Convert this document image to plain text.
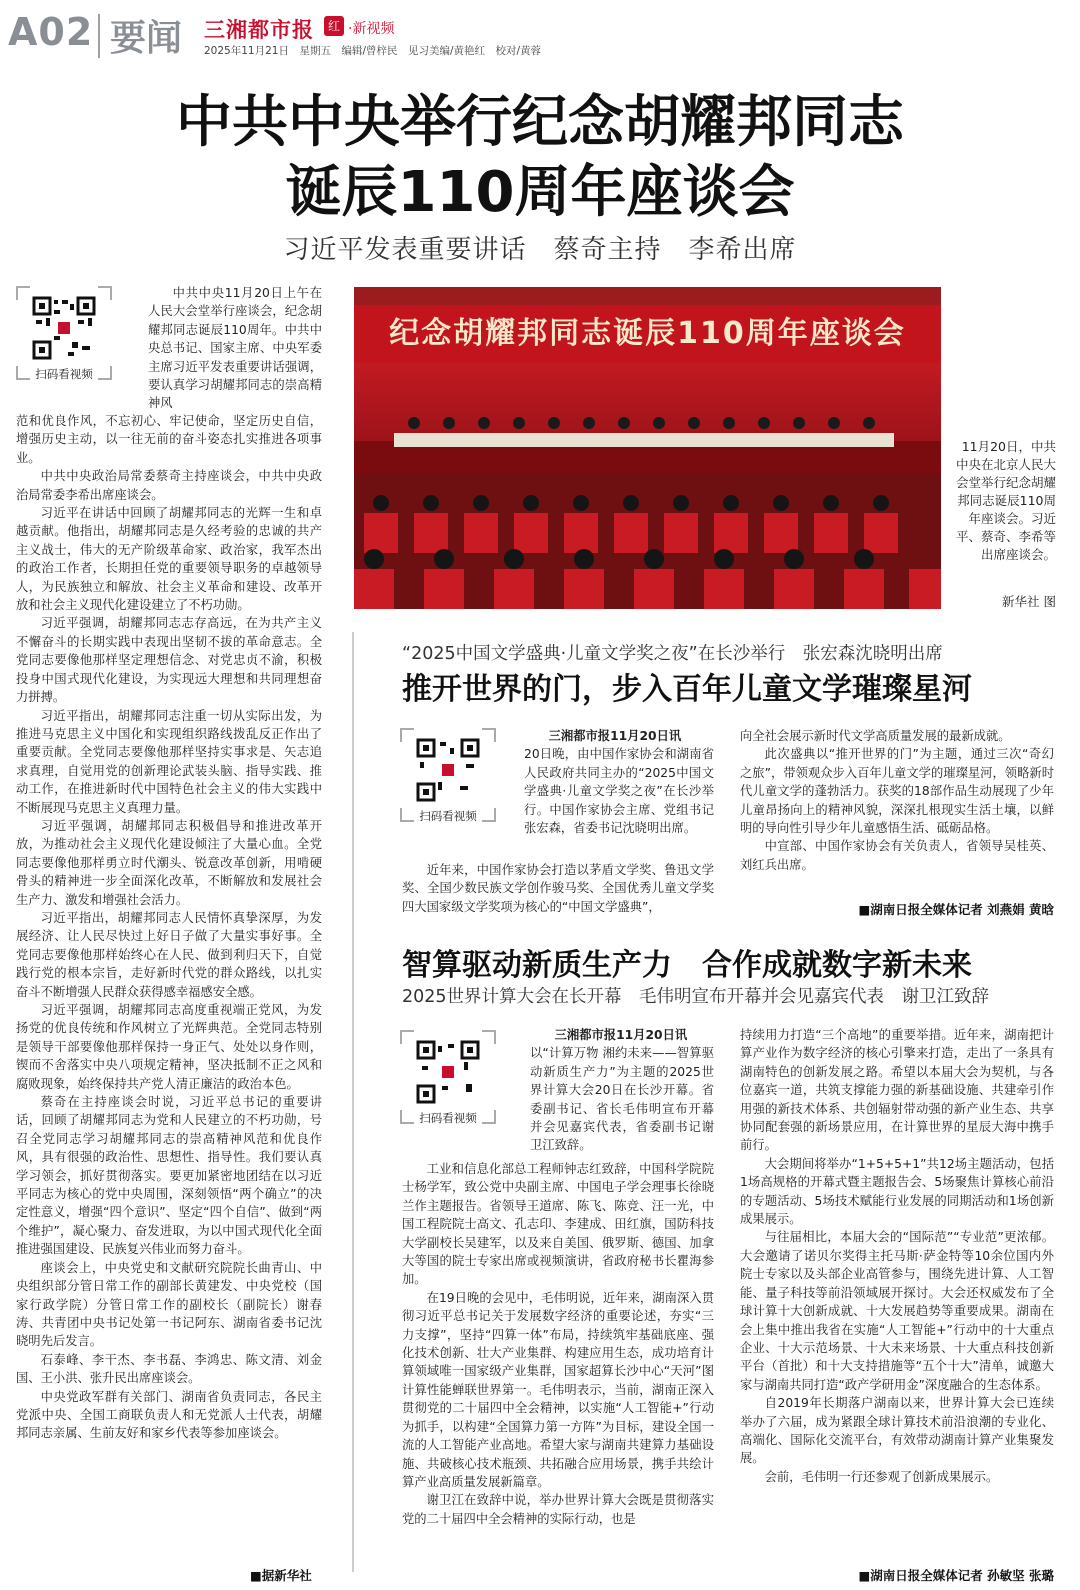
A02 要闻 三湘都市报	红 ·新视频
2025年11月21日　星期五　编辑/曾梓民　见习美编/黄艳红　校对/黄蓉
中共中央举行纪念胡耀邦同志
诞辰110周年座谈会
习近平发表重要讲话　蔡奇主持　李希出席
扫码看视频

中共中央11月20日上午在人民大会堂举行座谈会，纪念胡耀邦同志诞辰110周年。中共中央总书记、国家主席、中央军委主席习近平发表重要讲话强调，要认真学习胡耀邦同志的崇高精神风

范和优良作风，不忘初心、牢记使命，坚定历史自信，增强历史主动，以一往无前的奋斗姿态扎实推进各项事业。

中共中央政治局常委蔡奇主持座谈会，中共中央政治局常委李希出席座谈会。

习近平在讲话中回顾了胡耀邦同志的光辉一生和卓越贡献。他指出，胡耀邦同志是久经考验的忠诚的共产主义战士，伟大的无产阶级革命家、政治家，我军杰出的政治工作者，长期担任党的重要领导职务的卓越领导人，为民族独立和解放、社会主义革命和建设、改革开放和社会主义现代化建设建立了不朽功勋。

习近平强调，胡耀邦同志志存高远，在为共产主义不懈奋斗的长期实践中表现出坚韧不拔的革命意志。全党同志要像他那样坚定理想信念、对党忠贞不渝，积极投身中国式现代化建设，为实现远大理想和共同理想奋力拼搏。

习近平指出，胡耀邦同志注重一切从实际出发，为推进马克思主义中国化和实现组织路线拨乱反正作出了重要贡献。全党同志要像他那样坚持实事求是、矢志追求真理，自觉用党的创新理论武装头脑、指导实践、推动工作，在推进新时代中国特色社会主义的伟大实践中不断展现马克思主义真理力量。

习近平强调，胡耀邦同志积极倡导和推进改革开放，为推动社会主义现代化建设倾注了大量心血。全党同志要像他那样勇立时代潮头、锐意改革创新，用啃硬骨头的精神进一步全面深化改革，不断解放和发展社会生产力、激发和增强社会活力。

习近平指出，胡耀邦同志人民情怀真挚深厚，为发展经济、让人民尽快过上好日子做了大量实事好事。全党同志要像他那样始终心在人民、做到利归天下，自觉践行党的根本宗旨，走好新时代党的群众路线，以扎实奋斗不断增强人民群众获得感幸福感安全感。

习近平强调，胡耀邦同志高度重视端正党风，为发扬党的优良传统和作风树立了光辉典范。全党同志特别是领导干部要像他那样保持一身正气、处处以身作则，锲而不舍落实中央八项规定精神，坚决抵制不正之风和腐败现象，始终保持共产党人清正廉洁的政治本色。

蔡奇在主持座谈会时说，习近平总书记的重要讲话，回顾了胡耀邦同志为党和人民建立的不朽功勋，号召全党同志学习胡耀邦同志的崇高精神风范和优良作风，具有很强的政治性、思想性、指导性。我们要认真学习领会，抓好贯彻落实。要更加紧密地团结在以习近平同志为核心的党中央周围，深刻领悟“两个确立”的决定性意义，增强“四个意识”、坚定“四个自信”、做到“两个维护”，凝心聚力、奋发进取，为以中国式现代化全面推进强国建设、民族复兴伟业而努力奋斗。

座谈会上，中央党史和文献研究院院长曲青山、中央组织部分管日常工作的副部长黄建发、中央党校（国家行政学院）分管日常工作的副校长（副院长）谢春涛、共青团中央书记处第一书记阿东、湖南省委书记沈晓明先后发言。

石泰峰、李干杰、李书磊、李鸿忠、陈文清、刘金国、王小洪、张升民出席座谈会。

中央党政军群有关部门、湖南省负责同志，各民主党派中央、全国工商联负责人和无党派人士代表，胡耀邦同志亲属、生前友好和家乡代表等参加座谈会。

■据新华社
纪念胡耀邦同志诞辰110周年座谈会
11月20日，中共中央在北京人民大会堂举行纪念胡耀邦同志诞辰110周年座谈会。习近平、蔡奇、李希等出席座谈会。
新华社 图
“2025中国文学盛典·儿童文学奖之夜”在长沙举行　张宏森沈晓明出席
推开世界的门，步入百年儿童文学璀璨星河
扫码看视频

三湘都市报11月20日讯

20日晚，由中国作家协会和湖南省人民政府共同主办的“2025中国文学盛典·儿童文学奖之夜”在长沙举行。中国作家协会主席、党组书记张宏森，省委书记沈晓明出席。

近年来，中国作家协会打造以茅盾文学奖、鲁迅文学奖、全国少数民族文学创作骏马奖、全国优秀儿童文学奖四大国家级文学奖项为核心的“中国文学盛典”，

向全社会展示新时代文学高质量发展的最新成就。

此次盛典以“推开世界的门”为主题，通过三次“奇幻之旅”，带领观众步入百年儿童文学的璀璨星河，领略新时代儿童文学的蓬勃活力。获奖的18部作品生动展现了少年儿童昂扬向上的精神风貌，深深扎根现实生活土壤，以鲜明的导向性引导少年儿童感悟生活、砥砺品格。

中宣部、中国作家协会有关负责人，省领导吴桂英、刘红兵出席。

■湖南日报全媒体记者 刘燕娟 黄晗
智算驱动新质生产力　合作成就数字新未来
2025世界计算大会在长开幕　毛伟明宣布开幕并会见嘉宾代表　谢卫江致辞
扫码看视频

三湘都市报11月20日讯

以“计算万物 湘约未来——智算驱动新质生产力”为主题的2025世界计算大会20日在长沙开幕。省委副书记、省长毛伟明宣布开幕并会见嘉宾代表，省委副书记谢卫江致辞。

工业和信息化部总工程师钟志红致辞，中国科学院院士杨学军，致公党中央副主席、中国电子学会理事长徐晓兰作主题报告。省领导王道席、陈飞、陈竞、汪一光，中国工程院院士高文、孔志印、李建成、田红旗，国防科技大学副校长吴建军，以及来自美国、俄罗斯、德国、加拿大等国的院士专家出席或视频演讲，省政府秘书长瞿海参加。

在19日晚的会见中，毛伟明说，近年来，湖南深入贯彻习近平总书记关于发展数字经济的重要论述，夯实“三力支撑”，坚持“四算一体”布局，持续筑牢基础底座、强化技术创新、壮大产业集群、构建应用生态，成功培育计算领域唯一国家级产业集群，国家超算长沙中心“天河”图计算性能蝉联世界第一。毛伟明表示，当前，湖南正深入贯彻党的二十届四中全会精神，以实施“人工智能+”行动为抓手，以构建“全国算力第一方阵”为目标，建设全国一流的人工智能产业高地。希望大家与湖南共建算力基础设施、共破核心技术瓶颈、共拓融合应用场景，携手共绘计算产业高质量发展新篇章。

谢卫江在致辞中说，举办世界计算大会既是贯彻落实党的二十届四中全会精神的实际行动，也是

持续用力打造“三个高地”的重要举措。近年来，湖南把计算产业作为数字经济的核心引擎来打造，走出了一条具有湖南特色的创新发展之路。希望以本届大会为契机，与各位嘉宾一道，共筑支撑能力强的新基础设施、共建牵引作用强的新技术体系、共创辐射带动强的新产业生态、共享协同配套强的新场景应用，在计算世界的星辰大海中携手前行。

大会期间将举办“1+5+5+1”共12场主题活动，包括1场高规格的开幕式暨主题报告会、5场聚焦计算核心前沿的专题活动、5场技术赋能行业发展的同期活动和1场创新成果展示。

与往届相比，本届大会的“国际范”“专业范”更浓郁。大会邀请了诺贝尔奖得主托马斯·萨金特等10余位国内外院士专家以及头部企业高管参与，围绕先进计算、人工智能、量子科技等前沿领域展开探讨。大会还权威发布了全球计算十大创新成就、十大发展趋势等重要成果。湖南在会上集中推出我省在实施“人工智能+”行动中的十大重点企业、十大示范场景、十大未来场景、十大重点科技创新平台（首批）和十大支持措施等“五个十大”清单，诚邀大家与湖南共同打造“政产学研用金”深度融合的生态体系。

自2019年长期落户湖南以来，世界计算大会已连续举办了六届，成为紧跟全球计算技术前沿浪潮的专业化、高端化、国际化交流平台，有效带动湖南计算产业集聚发展。

会前，毛伟明一行还参观了创新成果展示。

■湖南日报全媒体记者 孙敏坚 张璐
